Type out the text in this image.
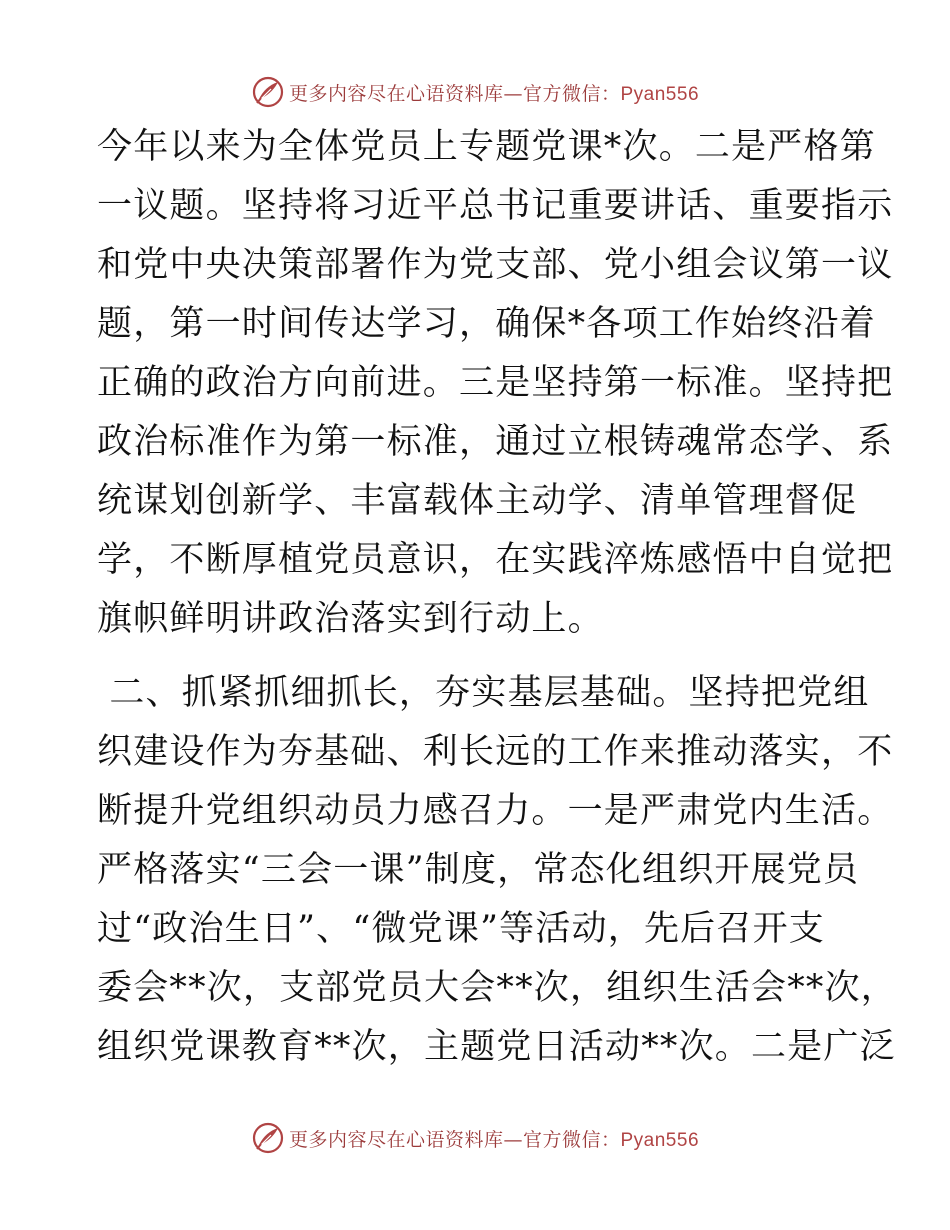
更多内容尽在心语资料库—官方微信：Pyan556
今年以来为全体党员上专题党课*次。二是严格第
一议题。坚持将习近平总书记重要讲话、重要指示
和党中央决策部署作为党支部、党小组会议第一议
题，第一时间传达学习，确保*各项工作始终沿着
正确的政治方向前进。三是坚持第一标准。坚持把
政治标准作为第一标准，通过立根铸魂常态学、系
统谋划创新学、丰富载体主动学、清单管理督促
学，不断厚植党员意识，在实践淬炼感悟中自觉把
旗帜鲜明讲政治落实到行动上。
二、抓紧抓细抓长，夯实基层基础。坚持把党组
织建设作为夯基础、利长远的工作来推动落实，不
断提升党组织动员力感召力。一是严肃党内生活。
严格落实“三会一课”制度，常态化组织开展党员
过“政治生日”、“微党课”等活动，先后召开支
委会**次，支部党员大会**次，组织生活会**次，
组织党课教育**次，主题党日活动**次。二是广泛
更多内容尽在心语资料库—官方微信：Pyan556
